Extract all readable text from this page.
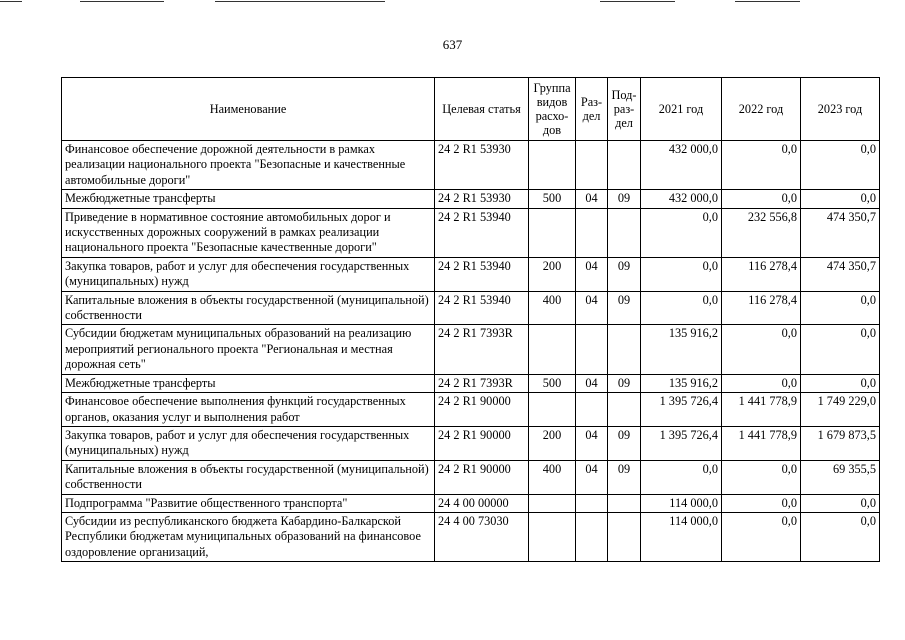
637
Наименование	Целевая статья	Группа видов расхо- дов	Раз- дел	Под- раз- дел	2021 год	2022 год	2023 год
Финансовое обеспечение дорожной деятельности в рамках реализации национального проекта "Безопасные и качественные автомобильные дороги"	24 2 R1 53930				432 000,0	0,0	0,0
Межбюджетные трансферты	24 2 R1 53930	500	04	09	432 000,0	0,0	0,0
Приведение в нормативное состояние автомобильных дорог и искусственных дорожных сооружений в рамках реализации национального проекта "Безопасные качественные дороги"	24 2 R1 53940				0,0	232 556,8	474 350,7
Закупка товаров, работ и услуг для обеспечения государственных (муниципальных) нужд	24 2 R1 53940	200	04	09	0,0	116 278,4	474 350,7
Капитальные вложения в объекты государственной (муниципальной) собственности	24 2 R1 53940	400	04	09	0,0	116 278,4	0,0
Субсидии бюджетам муниципальных образований на реализацию мероприятий регионального проекта "Региональная и местная дорожная сеть"	24 2 R1 7393R				135 916,2	0,0	0,0
Межбюджетные трансферты	24 2 R1 7393R	500	04	09	135 916,2	0,0	0,0
Финансовое обеспечение выполнения функций государственных органов, оказания услуг и выполнения работ	24 2 R1 90000				1 395 726,4	1 441 778,9	1 749 229,0
Закупка товаров, работ и услуг для обеспечения государственных (муниципальных) нужд	24 2 R1 90000	200	04	09	1 395 726,4	1 441 778,9	1 679 873,5
Капитальные вложения в объекты государственной (муниципальной) собственности	24 2 R1 90000	400	04	09	0,0	0,0	69 355,5
Подпрограмма "Развитие общественного транспорта"	24 4 00 00000				114 000,0	0,0	0,0
Субсидии из республиканского бюджета Кабардино-Балкарской Республики бюджетам муниципальных образований на финансовое оздоровление организаций,	24 4 00 73030				114 000,0	0,0	0,0
